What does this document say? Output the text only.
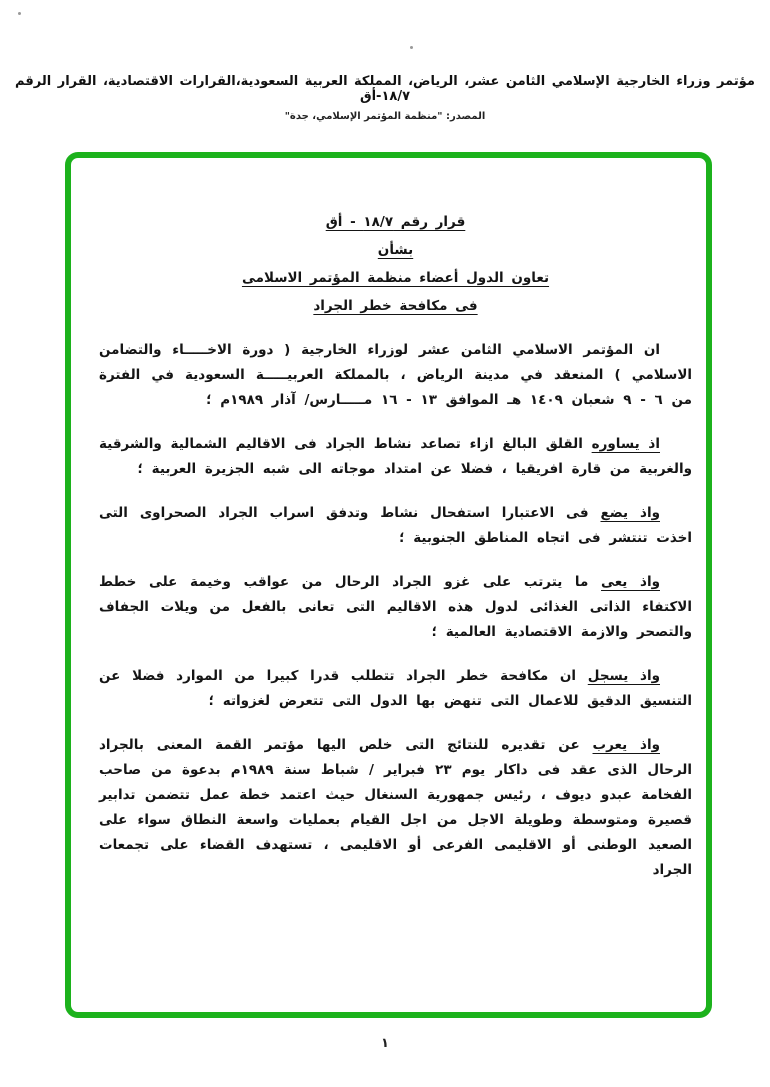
مؤتمر وزراء الخارجية الإسلامي الثامن عشر، الرياض، المملكة العربية السعودية،القرارات الاقتصادية، القرار الرقم ١٨/٧-أق
المصدر: "منظمة المؤتمر الإسلامي، جدة"
قرار رقم ١٨/٧ - أق
بشأن
تعاون الدول أعضاء منظمة المؤتمر الاسلامى
فى مكافحة خطر الجراد

ان المؤتمر الاسلامي الثامن عشر لوزراء الخارجية ( دورة الاخـــــاء والتضامن الاسلامي ) المنعقد في مدينة الرياض ، بالمملكة العربيـــــة السعودية في الفترة من ٦ - ٩ شعبان ١٤٠٩ هـ الموافق ١٣ - ١٦ مـــــارس/ آذار ١٩٨٩م ؛

اذ يساوره القلق البالغ ازاء تصاعد نشاط الجراد فى الاقاليم الشمالية والشرقية والغربية من قارة افريقيا ، فضلا عن امتداد موجاته الى شبه الجزيرة العربية ؛

واذ يضع فى الاعتبارا استفحال نشاط وتدفق اسراب الجراد الصحراوى التى اخذت تنتشر فى اتجاه المناطق الجنوبية ؛

واذ يعى ما يترتب على غزو الجراد الرحال من عواقب وخيمة على خطط الاكتفاء الذاتى الغذائى لدول هذه الاقاليم التى تعانى بالفعل من ويلات الجفاف والتصحر والازمة الاقتصادية العالمية ؛

واذ يسجل ان مكافحة خطر الجراد تتطلب قدرا كبيرا من الموارد فضلا عن التنسيق الدقيق للاعمال التى تنهض بها الدول التى تتعرض لغزواته ؛

واذ يعرب عن تقديره للنتائج التى خلص اليها مؤتمر القمة المعنى بالجراد الرحال الذى عقد فى داكار يوم ٢٣ فبراير / شباط سنة ١٩٨٩م بدعوة من صاحب الفخامة عبدو ديوف ، رئيس جمهورية السنغال حيث اعتمد خطة عمل تتضمن تدابير قصيرة ومتوسطة وطويلة الاجل من اجل القيام بعمليات واسعة النطاق سواء على الصعيد الوطنى أو الاقليمى الفرعى أو الاقليمى ، تستهدف القضاء على تجمعات الجراد

١
